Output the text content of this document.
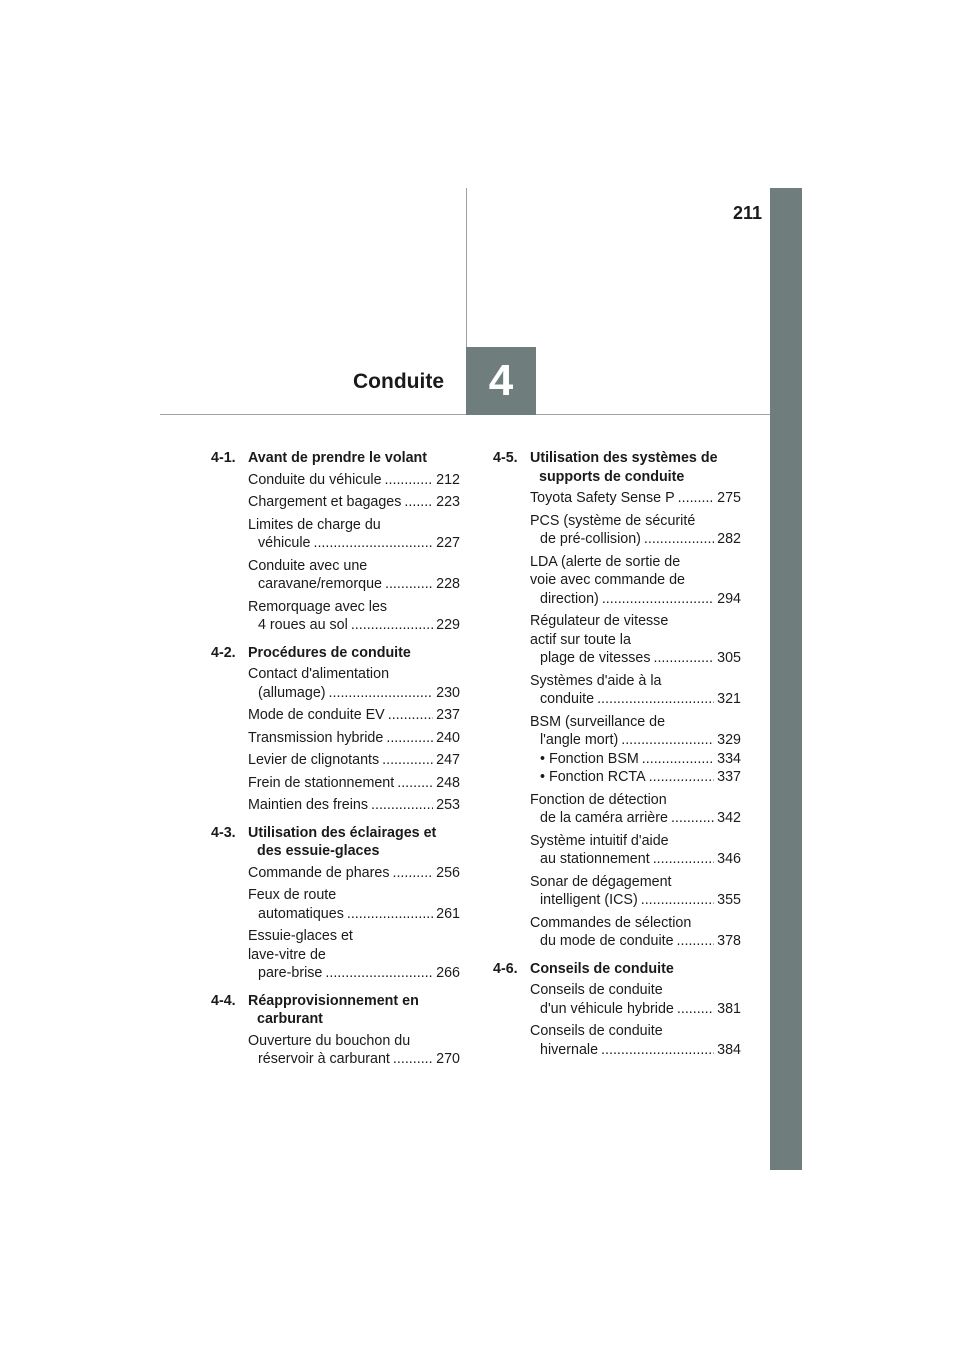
211
4
Conduite
4-1. Avant de prendre le volant
Conduite du véhicule .....	212
Chargement et bagages ..... 223
Limites de charge du
véhicule .....	227
Conduite avec une
caravane/remorque .....	228
Remorquage avec les
4 roues au sol .....	229
4-2. Procédures de conduite
Contact d'alimentation
(allumage) .....	230
Mode de conduite EV .....	237
Transmission hybride .....	240
Levier de clignotants .....	247
Frein de stationnement .....	248
Maintien des freins .....	253
4-3. Utilisation des éclairages et des essuie-glaces
Commande de phares .....	256
Feux de route
automatiques .....	261
Essuie-glaces et
lave-vitre de
pare-brise .....	266
4-4. Réapprovisionnement en carburant
Ouverture du bouchon du
réservoir à carburant .....	270
4-5. Utilisation des systèmes de supports de conduite
Toyota Safety Sense P .....	275
PCS (système de sécurité
de pré-collision) .....	282
LDA (alerte de sortie de
voie avec commande de
direction) .....	294
Régulateur de vitesse
actif sur toute la
plage de vitesses .....	305
Systèmes d'aide à la
conduite .....	321
BSM (surveillance de
l'angle mort) .....	329
• Fonction BSM .....	334
• Fonction RCTA .....	337
Fonction de détection
de la caméra arrière .....	342
Système intuitif d'aide
au stationnement .....	346
Sonar de dégagement
intelligent (ICS) .....	355
Commandes de sélection
du mode de conduite .....	378
4-6. Conseils de conduite
Conseils de conduite
d'un véhicule hybride .....	381
Conseils de conduite
hivernale .....	384
